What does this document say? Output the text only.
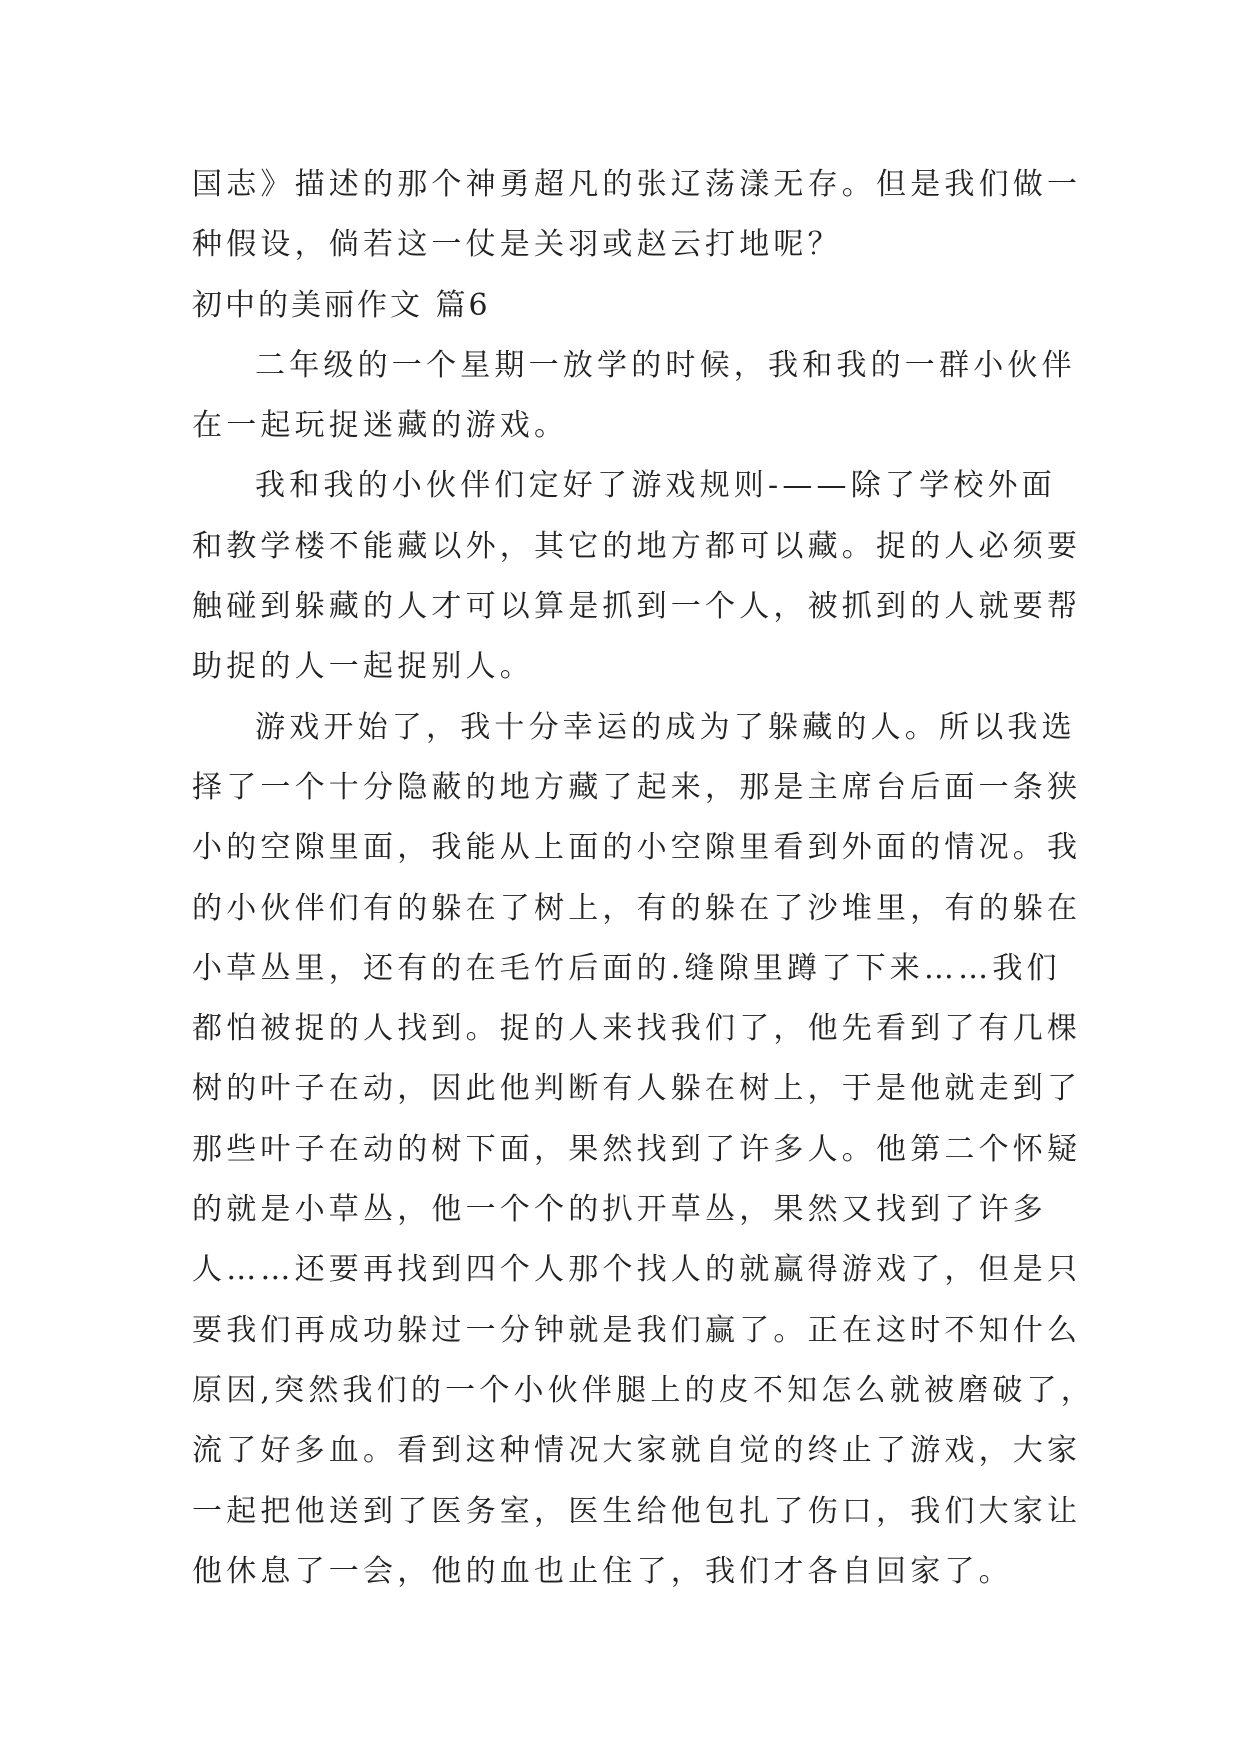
国志》描述的那个神勇超凡的张辽荡漾无存。但是我们做一
种假设，倘若这一仗是关羽或赵云打地呢？
初中的美丽作文 篇6
二年级的一个星期一放学的时候，我和我的一群小伙伴
在一起玩捉迷藏的游戏。
我和我的小伙伴们定好了游戏规则-——除了学校外面
和教学楼不能藏以外，其它的地方都可以藏。捉的人必须要
触碰到躲藏的人才可以算是抓到一个人，被抓到的人就要帮
助捉的人一起捉别人。
游戏开始了，我十分幸运的成为了躲藏的人。所以我选
择了一个十分隐蔽的地方藏了起来，那是主席台后面一条狭
小的空隙里面，我能从上面的小空隙里看到外面的情况。我
的小伙伴们有的躲在了树上，有的躲在了沙堆里，有的躲在
小草丛里，还有的在毛竹后面的.缝隙里蹲了下来……我们
都怕被捉的人找到。捉的人来找我们了，他先看到了有几棵
树的叶子在动，因此他判断有人躲在树上，于是他就走到了
那些叶子在动的树下面，果然找到了许多人。他第二个怀疑
的就是小草丛，他一个个的扒开草丛，果然又找到了许多
人……还要再找到四个人那个找人的就赢得游戏了，但是只
要我们再成功躲过一分钟就是我们赢了。正在这时不知什么
原因,突然我们的一个小伙伴腿上的皮不知怎么就被磨破了，
流了好多血。看到这种情况大家就自觉的终止了游戏，大家
一起把他送到了医务室，医生给他包扎了伤口，我们大家让
他休息了一会，他的血也止住了，我们才各自回家了。
